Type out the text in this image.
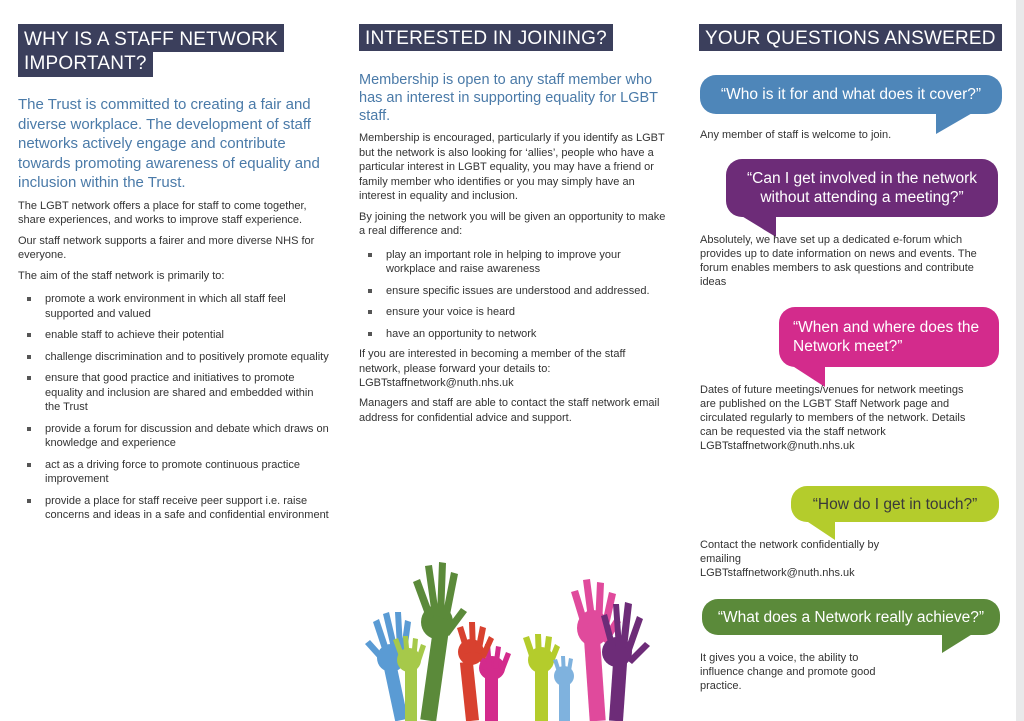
WHY IS A STAFF NETWORK
IMPORTANT?

The Trust is committed to creating a fair and diverse workplace. The development of staff networks actively engage and contribute towards promoting awareness of equality and inclusion within the Trust.

The LGBT network offers a place for staff to come together, share experiences, and works to improve staff experience.

Our staff network supports a fairer and more diverse NHS for everyone.

The aim of the staff network is primarily to:

promote a work environment in which all staff feel supported and valued
enable staff to achieve their potential
challenge discrimination and to positively promote equality
ensure that good practice and initiatives to promote equality and inclusion are shared and embedded within the Trust
provide a forum for discussion and debate which draws on knowledge and experience
act as a driving force to promote continuous practice improvement
provide a place for staff receive peer support i.e. raise concerns and ideas in a safe and confidential environment
INTERESTED IN JOINING?

Membership is open to any staff member who has an interest in supporting equality for LGBT staff.

Membership is encouraged, particularly if you identify as LGBT but the network is also looking for ‘allies’, people who have a particular interest in LGBT equality, you may have a friend or family member who identifies or you may simply have an interest in equality and inclusion.

By joining the network you will be given an opportunity to make a real difference and:

play an important role in helping to improve your workplace and raise awareness
ensure specific issues are understood and addressed.
ensure your voice is heard
have an opportunity to network

If you are interested in becoming a member of the staff network, please forward your details to:

LGBTstaffnetwork@nuth.nhs.uk

Managers and staff are able to contact the staff network email address for confidential advice and support.

YOUR QUESTIONS ANSWERED
“Who is it for and what does it cover?”

Any member of staff is welcome to join.

“Can I get involved in the network
without attending a meeting?”

Absolutely, we have set up a dedicated e-forum which provides up to date information on news and events. The forum enables members to ask questions and contribute ideas

“When and where does the
Network meet?”

Dates of future meetings/venues for network meetings are published on the LGBT Staff Network page and circulated regularly to members of the network. Details can be requested via the staff network

LGBTstaffnetwork@nuth.nhs.uk

“How do I get in touch?”

Contact the network confidentially by emailing

LGBTstaffnetwork@nuth.nhs.uk

“What does a Network really achieve?”

It gives you a voice, the ability to influence change and promote good practice.
